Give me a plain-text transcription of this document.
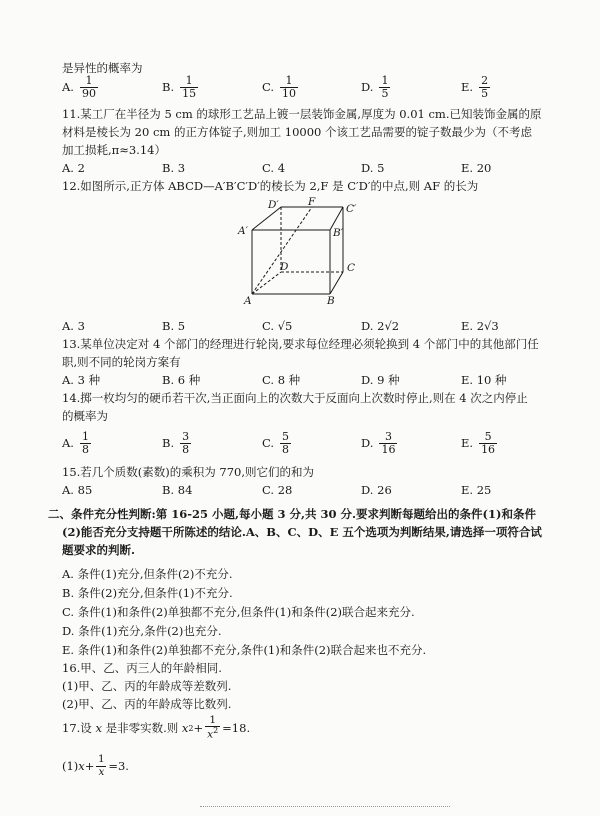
是异性的概率为
A. $\frac{1}{90}$	B. $\frac{1}{15}$	C. $\frac{1}{10}$	D. $\frac{1}{5}$	E. $\frac{2}{5}$
11.某工厂在半径为 5 cm 的球形工艺品上镀一层装饰金属,厚度为 0.01 cm.已知装饰金属的原
材料是棱长为 20 cm 的正方体锭子,则加工 10000 个该工艺品需要的锭子数最少为（不考虑
加工损耗,π≈3.14）
A.
2	B.
3	C.
4	D.
5	E.
20
12.如图所示,正方体 ABCD—A′B′C′D′的棱长为 2,F 是 C′D′的中点,则 AF 的长为
D′	F
C′
A′	B′
D	C
A	B
A.
3	B.
5	C.
√5	D.
2√2	E.
2√3
13.某单位决定对 4 个部门的经理进行轮岗,要求每位经理必须轮换到 4 个部门中的其他部门任
职,则不同的轮岗方案有
A.
3 种	B.
6 种	C.
8 种	D.
9 种	E.
10 种
14.掷一枚均匀的硬币若干次,当正面向上的次数大于反面向上次数时停止,则在 4 次之内停止
的概率为
A. $\frac{1}{8}$	B. $\frac{3}{8}$	C. $\frac{5}{8}$	D. $\frac{3}{16}$	E. $\frac{5}{16}$
15.若几个质数(素数)的乘积为 770,则它们的和为
A.
85	B.
84	C.
28	D.
26	E.
25
二、条件充分性判断:第 16-25 小题,每小题 3 分,共 30 分.要求判断每题给出的条件(1)和条件
(2)能否充分支持题干所陈述的结论.A、B、C、D、E 五个选项为判断结果,请选择一项符合试
题要求的判断.
A. 条件(1)充分,但条件(2)不充分.
B. 条件(2)充分,但条件(1)不充分.
C. 条件(1)和条件(2)单独都不充分,但条件(1)和条件(2)联合起来充分.
D. 条件(1)充分,条件(2)也充分.
E. 条件(1)和条件(2)单独都不充分,条件(1)和条件(2)联合起来也不充分.
16.甲、乙、丙三人的年龄相同.
(1)甲、乙、丙的年龄成等差数列.
(2)甲、乙、丙的年龄成等比数列.
17.设
x
是非零实数.则
x $2 + \frac{1}{x^2} =18$.
(1) $x + \frac{1}{x} =3$.
